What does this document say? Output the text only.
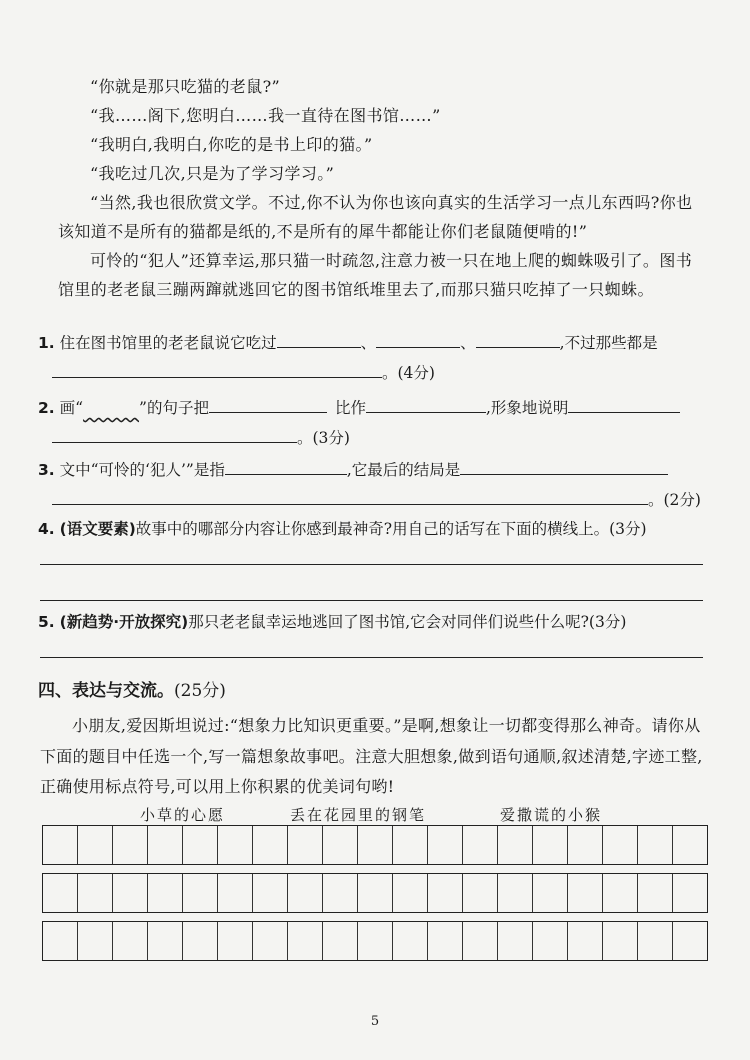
“你就是那只吃猫的老鼠?”

“我……阁下,您明白……我一直待在图书馆……”

“我明白,我明白,你吃的是书上印的猫。”

“我吃过几次,只是为了学习学习。”

“当然,我也很欣赏文学。不过,你不认为你也该向真实的生活学习一点儿东西吗?你也该知道不是所有的猫都是纸的,不是所有的犀牛都能让你们老鼠随便啃的!”

可怜的“犯人”还算幸运,那只猫一时疏忽,注意力被一只在地上爬的蜘蛛吸引了。图书馆里的老老鼠三蹦两蹿就逃回它的图书馆纸堆里去了,而那只猫只吃掉了一只蜘蛛。

1. 住在图书馆里的老老鼠说它吃过	、	、	,不过那些都是
。(4分)
2. 画“	”的句子把	比作	,形象地说明
。(3分)
3. 文中“可怜的‘犯人’”是指	,它最后的结局是
。(2分)
4. (语文要素)故事中的哪部分内容让你感到最神奇?用自己的话写在下面的横线上。(3分)
5. (新趋势·开放探究)那只老老鼠幸运地逃回了图书馆,它会对同伴们说些什么呢?(3分)
四、表达与交流。(25分)

小朋友,爱因斯坦说过:“想象力比知识更重要。”是啊,想象让一切都变得那么神奇。请你从下面的题目中任选一个,写一篇想象故事吧。注意大胆想象,做到语句通顺,叙述清楚,字迹工整,正确使用标点符号,可以用上你积累的优美词句哟!

小草的心愿	丢在花园里的钢笔	爱撒谎的小猴
5
